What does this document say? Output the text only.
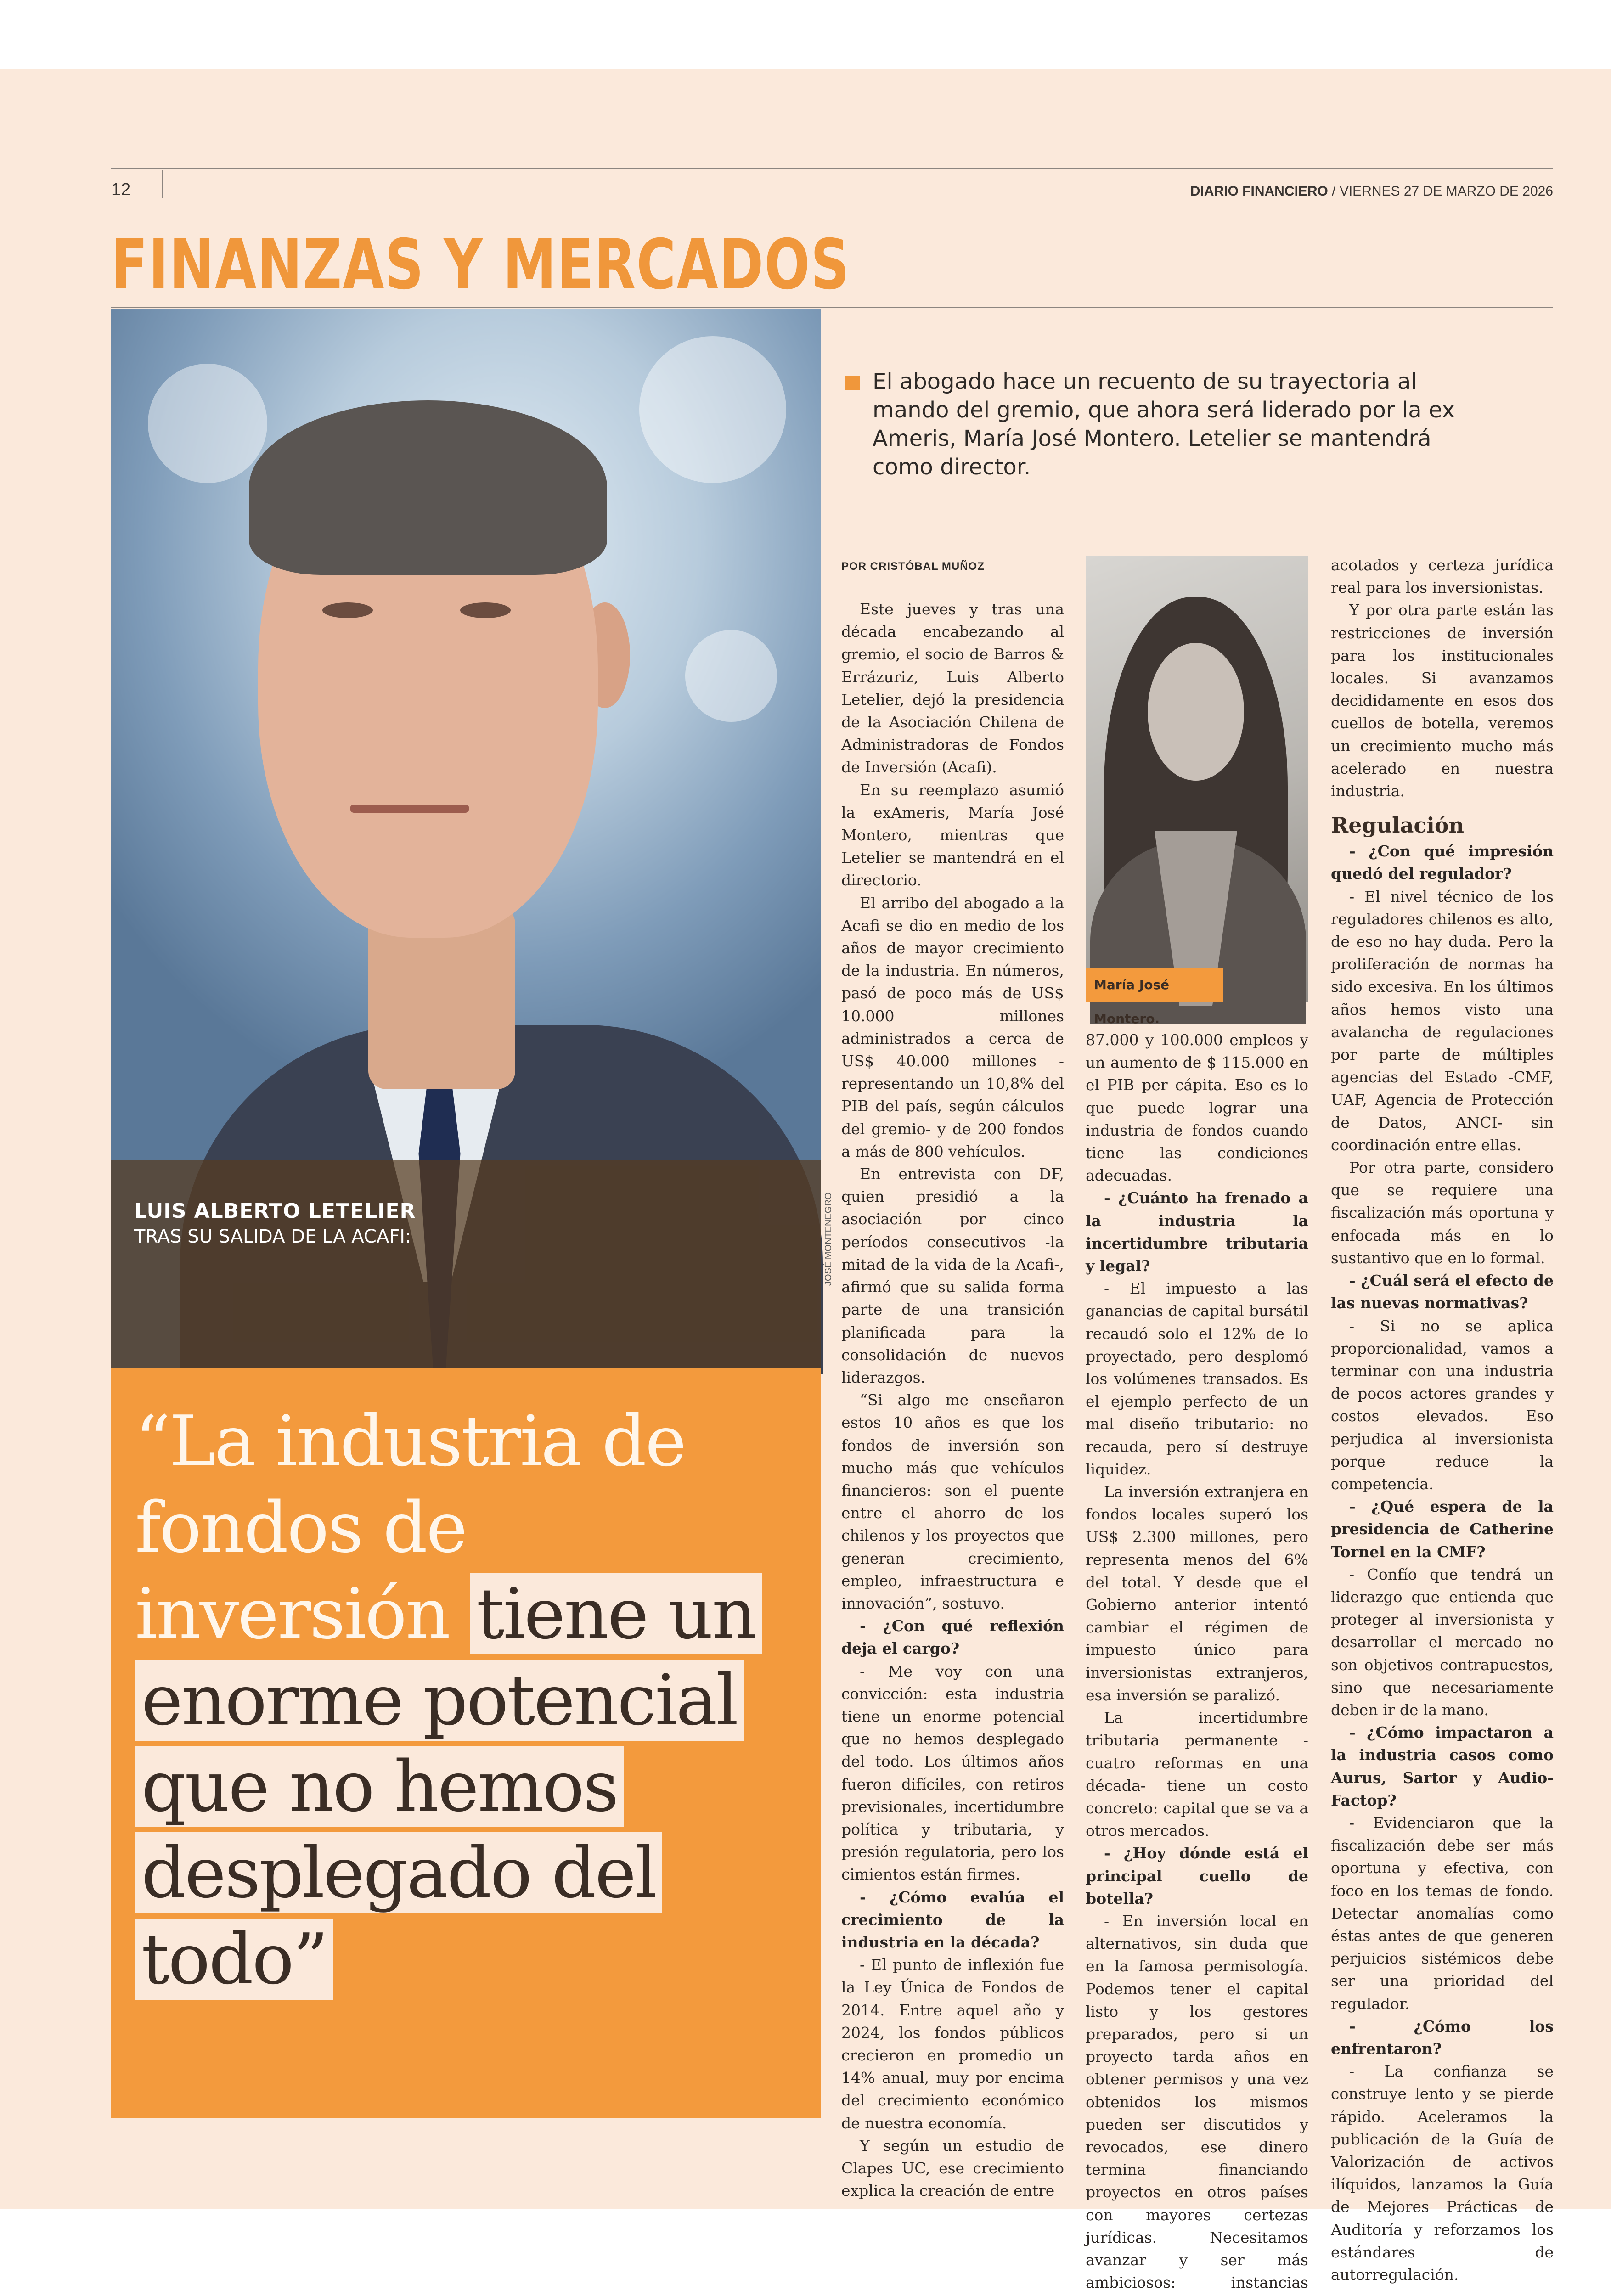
12	DIARIO FINANCIERO / VIERNES 27 DE MARZO DE 2026
FINANZAS Y MERCADOS
LUIS ALBERTO LETELIER
TRAS SU SALIDA DE LA ACAFI:	JOSÉ MONTENEGRO
“La industria de fondos de inversión tiene un enorme potencial que no hemos desplegado del todo”
El abogado hace un recuento de su trayectoria al mando del gremio, que ahora será liderado por la ex Ameris, María José Montero. Letelier se mantendrá como director.
POR CRISTÓBAL MUÑOZ

Este jueves y tras una década encabezando al gremio, el socio de Barros & Errázuriz, Luis Alberto Letelier, dejó la presidencia de la Asociación Chilena de Administradoras de Fondos de Inversión (Acafi).

En su reemplazo asumió la exAmeris, María José Montero, mientras que Letelier se mantendrá en el directorio.

El arribo del abogado a la Acafi se dio en medio de los años de mayor crecimiento de la industria. En números, pasó de poco más de US$ 10.000 millones administrados a cerca de US$ 40.000 millones -representando un 10,8% del PIB del país, según cálculos del gremio- y de 200 fondos a más de 800 vehículos.

En entrevista con DF, quien presidió a la asociación por cinco períodos consecutivos -la mitad de la vida de la Acafi-, afirmó que su salida forma parte de una transición planificada para la consolidación de nuevos liderazgos.

“Si algo me enseñaron estos 10 años es que los fondos de inversión son mucho más que vehículos financieros: son el puente entre el ahorro de los chilenos y los proyectos que generan crecimiento, empleo, infraestructura e innovación”, sostuvo.

- ¿Con qué reflexión deja el cargo?

- Me voy con una convicción: esta industria tiene un enorme potencial que no hemos desplegado del todo. Los últimos años fueron difíciles, con retiros previsionales, incertidumbre política y tributaria, y presión regulatoria, pero los cimientos están firmes.

- ¿Cómo evalúa el crecimiento de la industria en la década?

- El punto de inflexión fue la Ley Única de Fondos de 2014. Entre aquel año y 2024, los fondos públicos crecieron en promedio un 14% anual, muy por encima del crecimiento económico de nuestra economía.

Y según un estudio de Clapes UC, ese crecimiento explica la creación de entre

María José Montero.

87.000 y 100.000 empleos y un aumento de $ 115.000 en el PIB per cápita. Eso es lo que puede lograr una industria de fondos cuando tiene las condiciones adecuadas.

- ¿Cuánto ha frenado a la industria la incertidumbre tributaria y legal?

- El impuesto a las ganancias de capital bursátil recaudó solo el 12% de lo proyectado, pero desplomó los volúmenes transados. Es el ejemplo perfecto de un mal diseño tributario: no recauda, pero sí destruye liquidez.

La inversión extranjera en fondos locales superó los US$ 2.300 millones, pero representa menos del 6% del total. Y desde que el Gobierno anterior intentó cambiar el régimen de impuesto único para inversionistas extranjeros, esa inversión se paralizó.

La incertidumbre tributaria permanente -cuatro reformas en una década- tiene un costo concreto: capital que se va a otros mercados.

- ¿Hoy dónde está el principal cuello de botella?

- En inversión local en alternativos, sin duda que en la famosa permisología. Podemos tener el capital listo y los gestores preparados, pero si un proyecto tarda años en obtener permisos y una vez obtenidos los mismos pueden ser discutidos y revocados, ese dinero termina financiando proyectos en otros países con mayores certezas jurídicas. Necesitamos avanzar y ser más ambiciosos: instancias

acotados y certeza jurídica real para los inversionistas.

Y por otra parte están las restricciones de inversión para los institucionales locales. Si avanzamos decididamente en esos dos cuellos de botella, veremos un crecimiento mucho más acelerado en nuestra industria.

Regulación

- ¿Con qué impresión quedó del regulador?

- El nivel técnico de los reguladores chilenos es alto, de eso no hay duda. Pero la proliferación de normas ha sido excesiva. En los últimos años hemos visto una avalancha de regulaciones por parte de múltiples agencias del Estado -CMF, UAF, Agencia de Protección de Datos, ANCI- sin coordinación entre ellas.

Por otra parte, considero que se requiere una fiscalización más oportuna y enfocada más en lo sustantivo que en lo formal.

- ¿Cuál será el efecto de las nuevas normativas?

- Si no se aplica proporcionalidad, vamos a terminar con una industria de pocos actores grandes y costos elevados. Eso perjudica al inversionista porque reduce la competencia.

- ¿Qué espera de la presidencia de Catherine Tornel en la CMF?

- Confío que tendrá un liderazgo que entienda que proteger al inversionista y desarrollar el mercado no son objetivos contrapuestos, sino que necesariamente deben ir de la mano.

- ¿Cómo impactaron a la industria casos como Aurus, Sartor y Audio-Factop?

- Evidenciaron que la fiscalización debe ser más oportuna y efectiva, con foco en los temas de fondo. Detectar anomalías como éstas antes de que generen perjuicios sistémicos debe ser una prioridad del regulador.

- ¿Cómo los enfrentaron?

- La confianza se construye lento y se pierde rápido. Aceleramos la publicación de la Guía de Valorización de activos ilíquidos, lanzamos la Guía de Mejores Prácticas de Auditoría y reforzamos los estándares de autorregulación.
